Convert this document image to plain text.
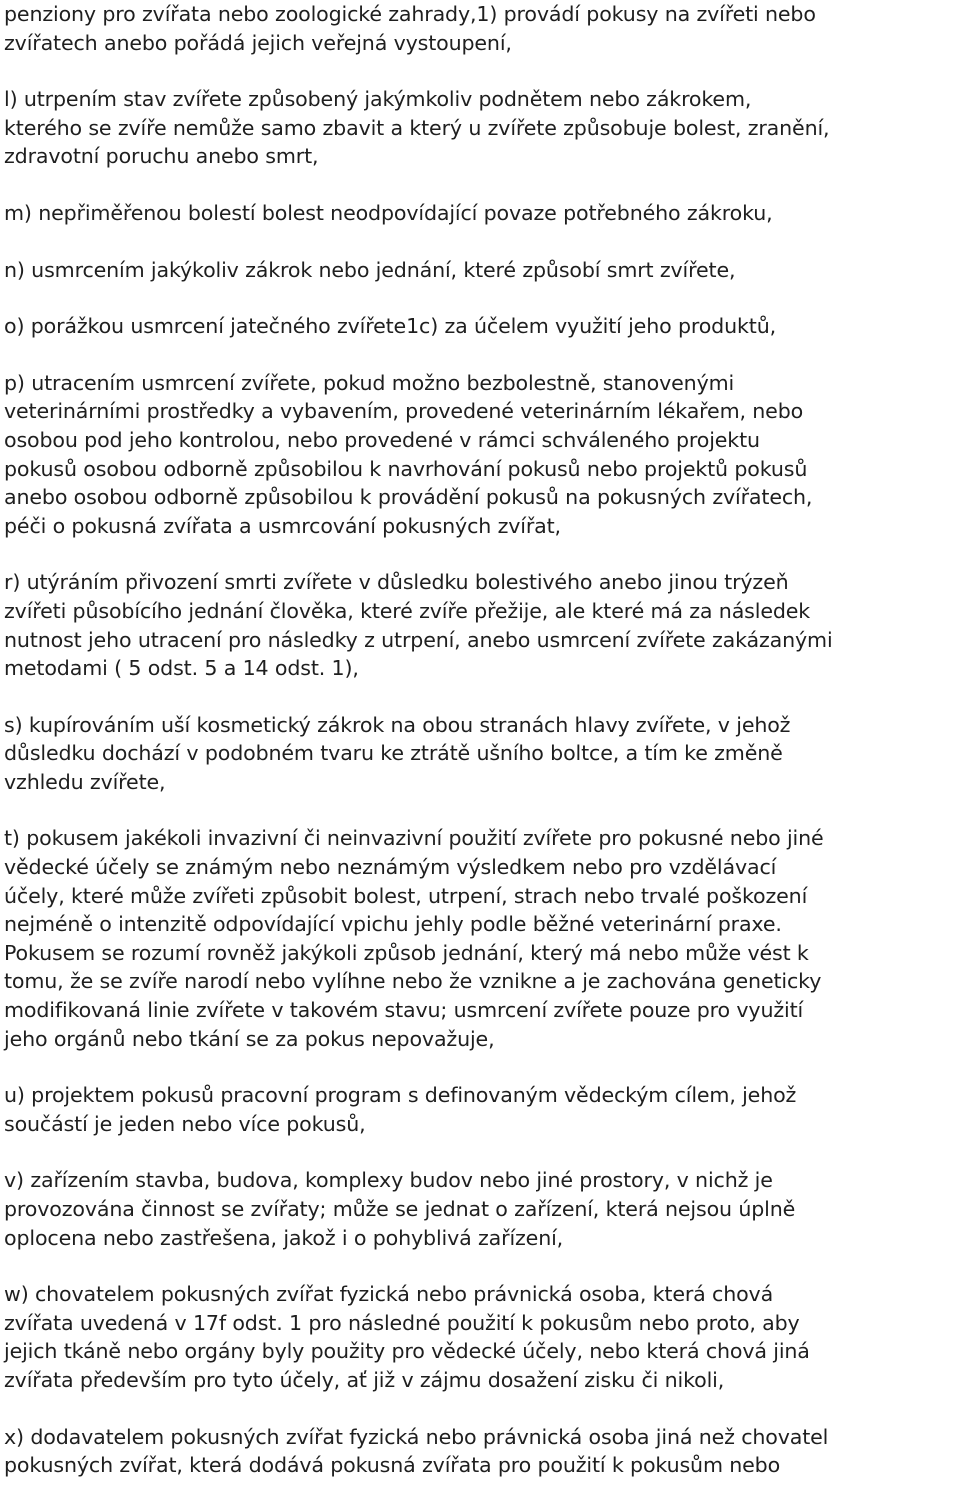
penziony pro zvířata nebo zoologické zahrady,1) provádí pokusy na zvířeti nebo
zvířatech anebo pořádá jejich veřejná vystoupení,

l) utrpením stav zvířete způsobený jakýmkoliv podnětem nebo zákrokem,
kterého se zvíře nemůže samo zbavit a který u zvířete způsobuje bolest, zranění,
zdravotní poruchu anebo smrt,

m) nepřiměřenou bolestí bolest neodpovídající povaze potřebného zákroku,

n) usmrcením jakýkoliv zákrok nebo jednání, které způsobí smrt zvířete,

o) porážkou usmrcení jatečného zvířete1c) za účelem využití jeho produktů,

p) utracením usmrcení zvířete, pokud možno bezbolestně, stanovenými
veterinárními prostředky a vybavením, provedené veterinárním lékařem, nebo
osobou pod jeho kontrolou, nebo provedené v rámci schváleného projektu
pokusů osobou odborně způsobilou k navrhování pokusů nebo projektů pokusů
anebo osobou odborně způsobilou k provádění pokusů na pokusných zvířatech,
péči o pokusná zvířata a usmrcování pokusných zvířat,

r) utýráním přivození smrti zvířete v důsledku bolestivého anebo jinou trýzeň
zvířeti působícího jednání člověka, které zvíře přežije, ale které má za následek
nutnost jeho utracení pro následky z utrpení, anebo usmrcení zvířete zakázanými
metodami ( 5 odst. 5 a 14 odst. 1),

s) kupírováním uší kosmetický zákrok na obou stranách hlavy zvířete, v jehož
důsledku dochází v podobném tvaru ke ztrátě ušního boltce, a tím ke změně
vzhledu zvířete,

t) pokusem jakékoli invazivní či neinvazivní použití zvířete pro pokusné nebo jiné
vědecké účely se známým nebo neznámým výsledkem nebo pro vzdělávací
účely, které může zvířeti způsobit bolest, utrpení, strach nebo trvalé poškození
nejméně o intenzitě odpovídající vpichu jehly podle běžné veterinární praxe.
Pokusem se rozumí rovněž jakýkoli způsob jednání, který má nebo může vést k
tomu, že se zvíře narodí nebo vylíhne nebo že vznikne a je zachována geneticky
modifikovaná linie zvířete v takovém stavu; usmrcení zvířete pouze pro využití
jeho orgánů nebo tkání se za pokus nepovažuje,

u) projektem pokusů pracovní program s definovaným vědeckým cílem, jehož
součástí je jeden nebo více pokusů,

v) zařízením stavba, budova, komplexy budov nebo jiné prostory, v nichž je
provozována činnost se zvířaty; může se jednat o zařízení, která nejsou úplně
oplocena nebo zastřešena, jakož i o pohyblivá zařízení,

w) chovatelem pokusných zvířat fyzická nebo právnická osoba, která chová
zvířata uvedená v 17f odst. 1 pro následné použití k pokusům nebo proto, aby
jejich tkáně nebo orgány byly použity pro vědecké účely, nebo která chová jiná
zvířata především pro tyto účely, ať již v zájmu dosažení zisku či nikoli,

x) dodavatelem pokusných zvířat fyzická nebo právnická osoba jiná než chovatel
pokusných zvířat, která dodává pokusná zvířata pro použití k pokusům nebo
